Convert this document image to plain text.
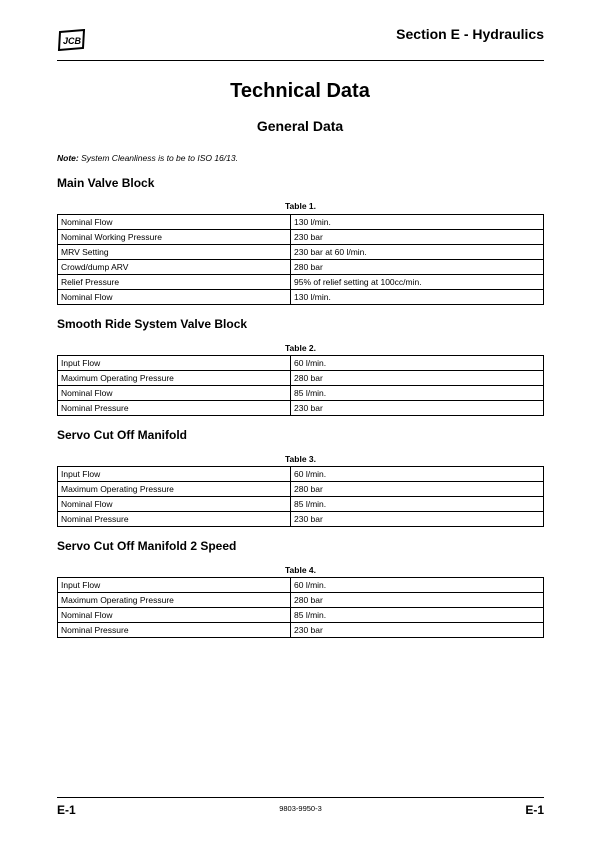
JCB	Section E - Hydraulics
Technical Data
General Data
Note: System Cleanliness is to be to ISO 16/13.
Main Valve Block
Table 1.
Nominal Flow	130 l/min.
Nominal Working Pressure	230 bar
MRV Setting	230 bar at 60 l/min.
Crowd/dump ARV	280 bar
Relief Pressure	95% of relief setting at 100cc/min.
Nominal Flow	130 l/min.
Smooth Ride System Valve Block
Table 2.
Input Flow	60 l/min.
Maximum Operating Pressure	280 bar
Nominal Flow	85 l/min.
Nominal Pressure	230 bar
Servo Cut Off Manifold
Table 3.
Input Flow	60 l/min.
Maximum Operating Pressure	280 bar
Nominal Flow	85 l/min.
Nominal Pressure	230 bar
Servo Cut Off Manifold 2 Speed
Table 4.
Input Flow	60 l/min.
Maximum Operating Pressure	280 bar
Nominal Flow	85 l/min.
Nominal Pressure	230 bar
E-1	9803-9950-3	E-1
